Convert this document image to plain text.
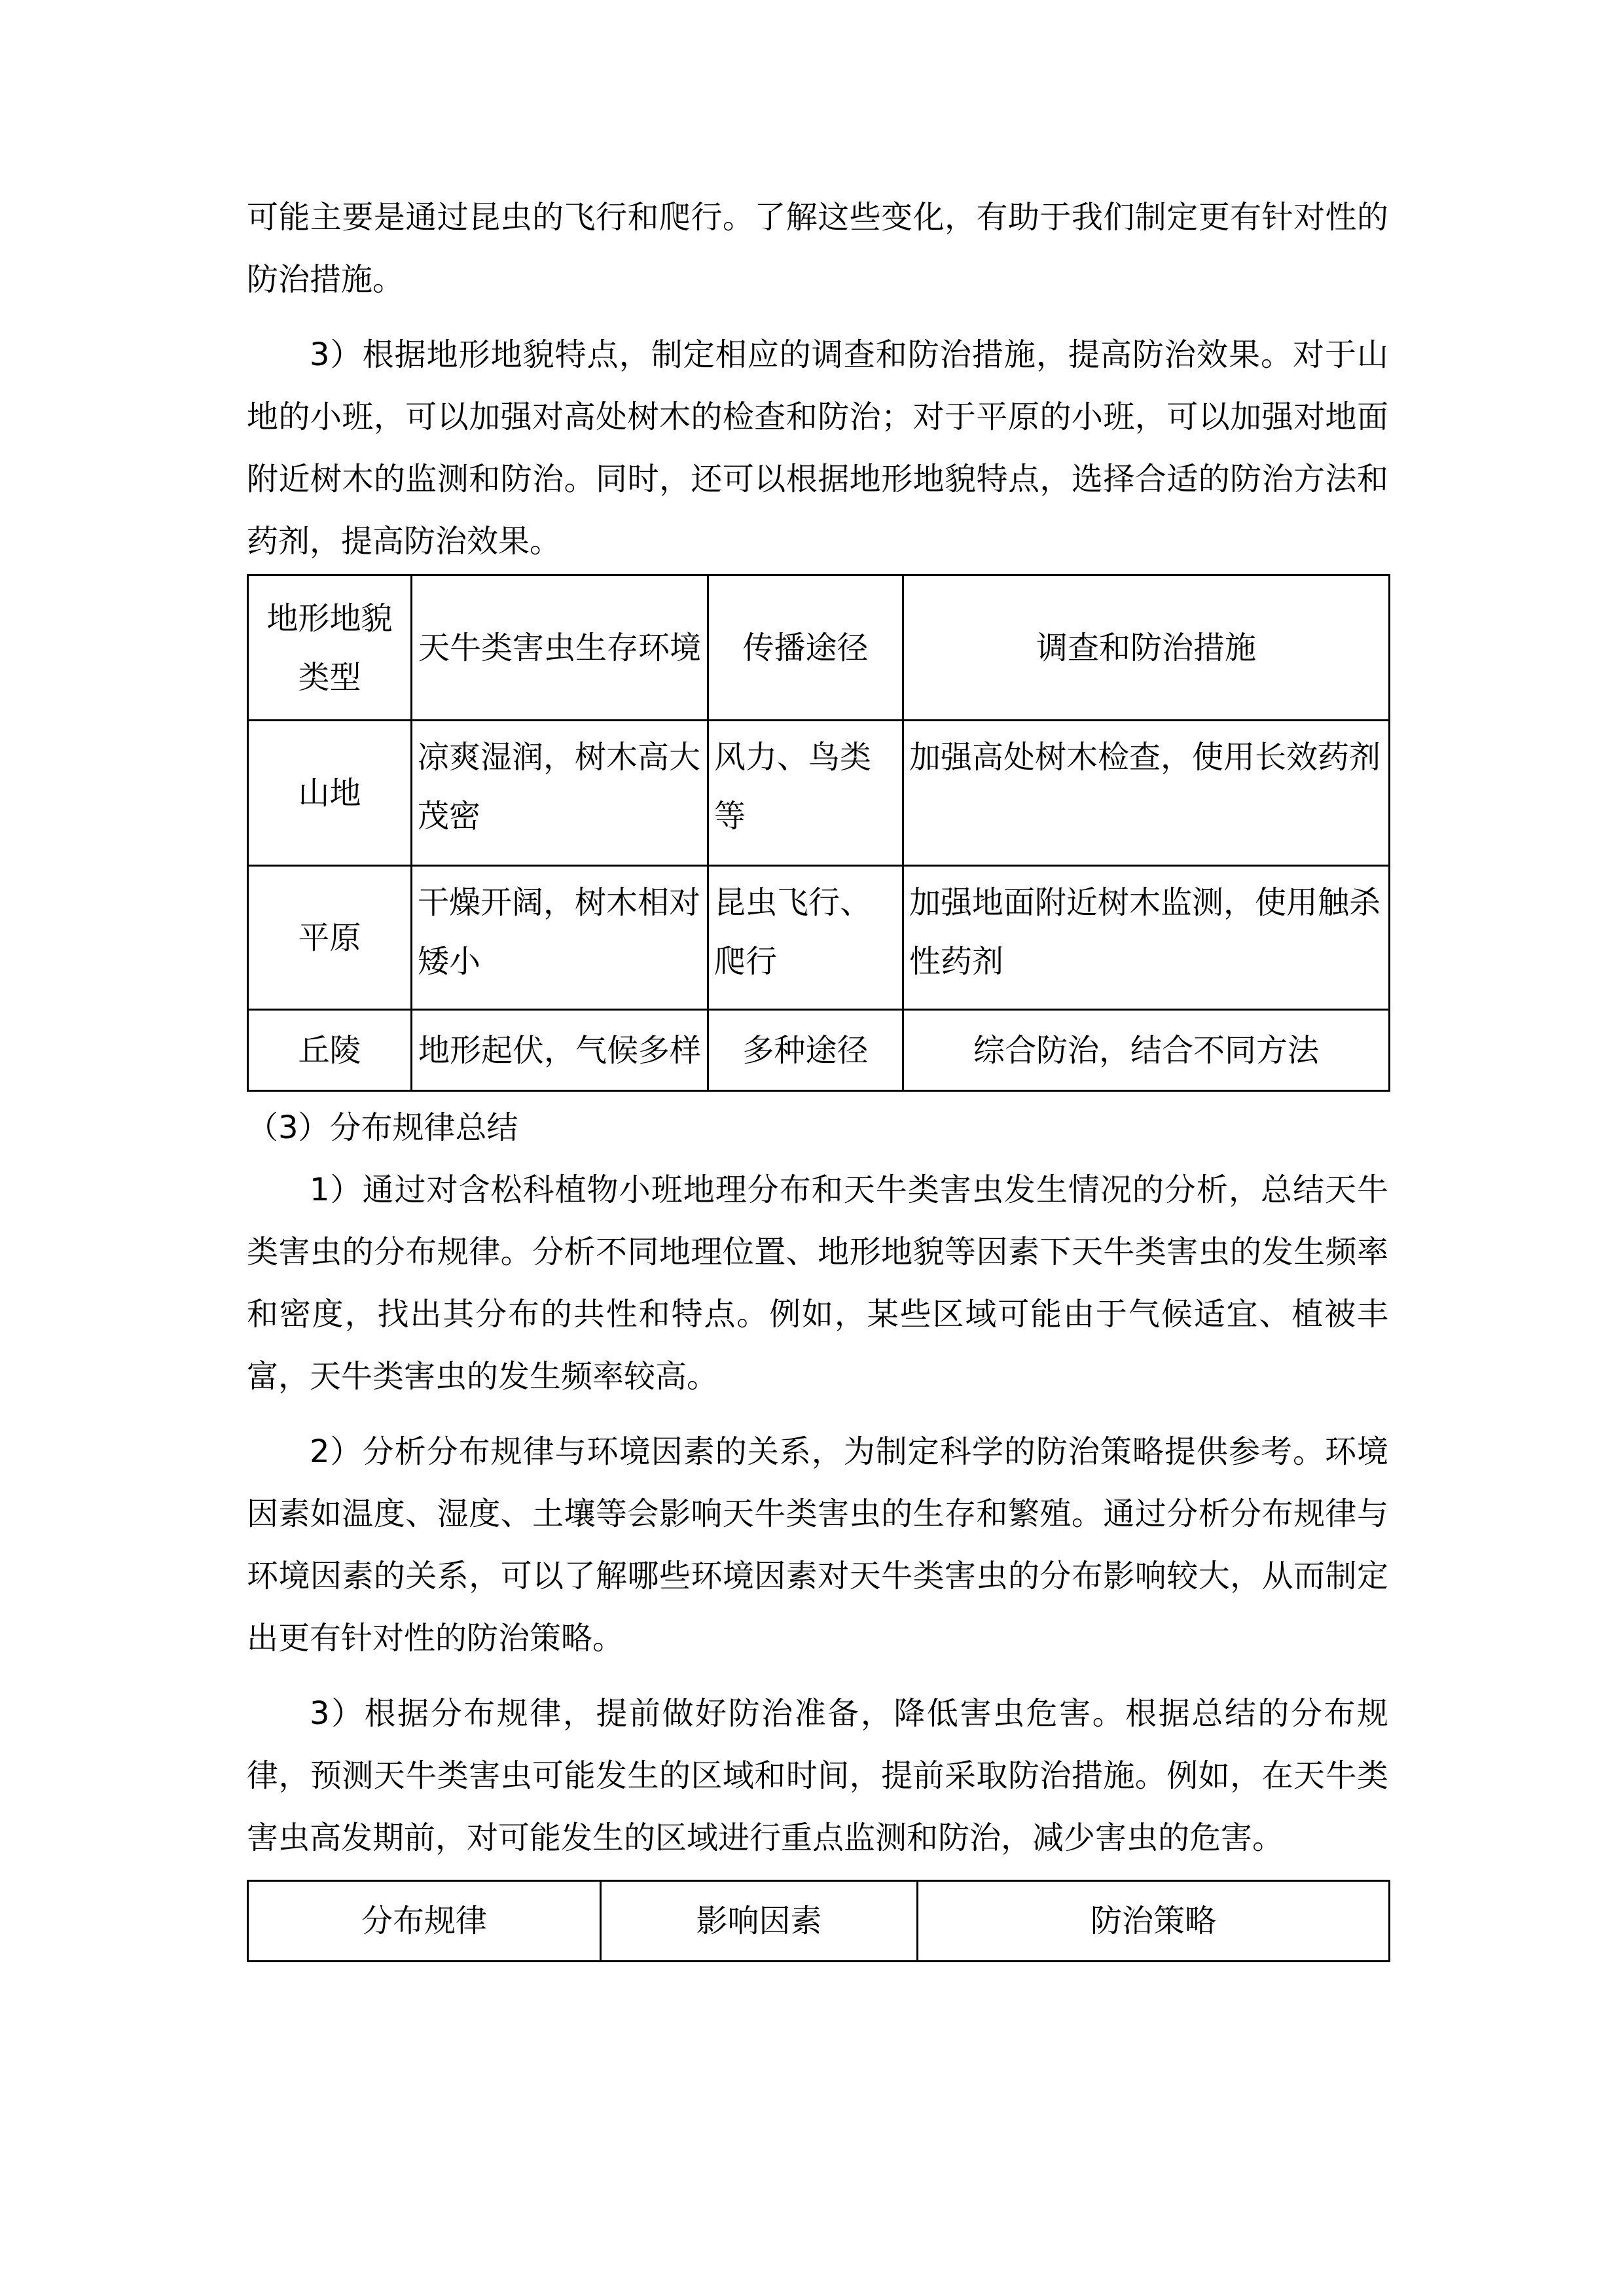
可能主要是通过昆虫的飞行和爬行。了解这些变化，有助于我们制定更有针对性的防治措施。

3）根据地形地貌特点，制定相应的调查和防治措施，提高防治效果。对于山地的小班，可以加强对高处树木的检查和防治；对于平原的小班，可以加强对地面附近树木的监测和防治。同时，还可以根据地形地貌特点，选择合适的防治方法和药剂，提高防治效果。

地形地貌类型	天牛类害虫生存环境	传播途径	调查和防治措施
山地	凉爽湿润，树木高大茂密	风力、鸟类等	加强高处树木检查，使用长效药剂
平原	干燥开阔，树木相对矮小	昆虫飞行、爬行	加强地面附近树木监测，使用触杀性药剂
丘陵	地形起伏，气候多样	多种途径	综合防治，结合不同方法

（3）分布规律总结

1）通过对含松科植物小班地理分布和天牛类害虫发生情况的分析，总结天牛类害虫的分布规律。分析不同地理位置、地形地貌等因素下天牛类害虫的发生频率和密度，找出其分布的共性和特点。例如，某些区域可能由于气候适宜、植被丰富，天牛类害虫的发生频率较高。

2）分析分布规律与环境因素的关系，为制定科学的防治策略提供参考。环境因素如温度、湿度、土壤等会影响天牛类害虫的生存和繁殖。通过分析分布规律与环境因素的关系，可以了解哪些环境因素对天牛类害虫的分布影响较大，从而制定出更有针对性的防治策略。

3）根据分布规律，提前做好防治准备，降低害虫危害。根据总结的分布规律，预测天牛类害虫可能发生的区域和时间，提前采取防治措施。例如，在天牛类害虫高发期前，对可能发生的区域进行重点监测和防治，减少害虫的危害。

分布规律	影响因素	防治策略
